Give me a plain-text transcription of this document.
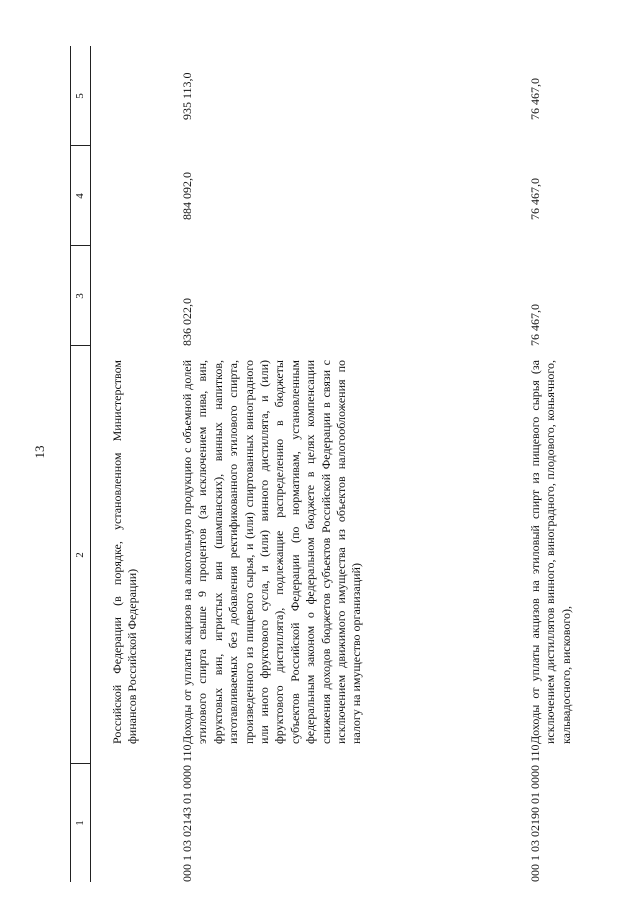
13
1
2
3
4
5
Российской Федерации (в порядке, установленном Министерством финансов Российской Федерации)
000 1 03 02143 01 0000 110
Доходы от уплаты акцизов на алкогольную продукцию с объемной долей этилового спирта свыше 9 процентов (за исключением пива, вин, фруктовых вин, игристых вин (шампанских), винных напитков, изготавливаемых без добавления ректификованного этилового спирта, произведенного из пищевого сырья, и (или) спиртованных виноградного или иного фруктового сусла, и (или) винного дистиллята, и (или) фруктового дистиллята), подлежащие распределению в бюджеты субъектов Российской Федерации (по нормативам, установленным федеральным законом о федеральном бюджете в целях компенсации снижения доходов бюджетов субъектов Российской Федерации в связи с исключением движимого имущества из объектов налогообложения по налогу на имущество организаций)
836 022,0
884 092,0
935 113,0
000 1 03 02190 01 0000 110
Доходы от уплаты акцизов на этиловый спирт из пищевого сырья (за исключением дистиллятов винного, виноградного, плодового, коньячного, кальвадосного, вискового),
76 467,0
76 467,0
76 467,0
